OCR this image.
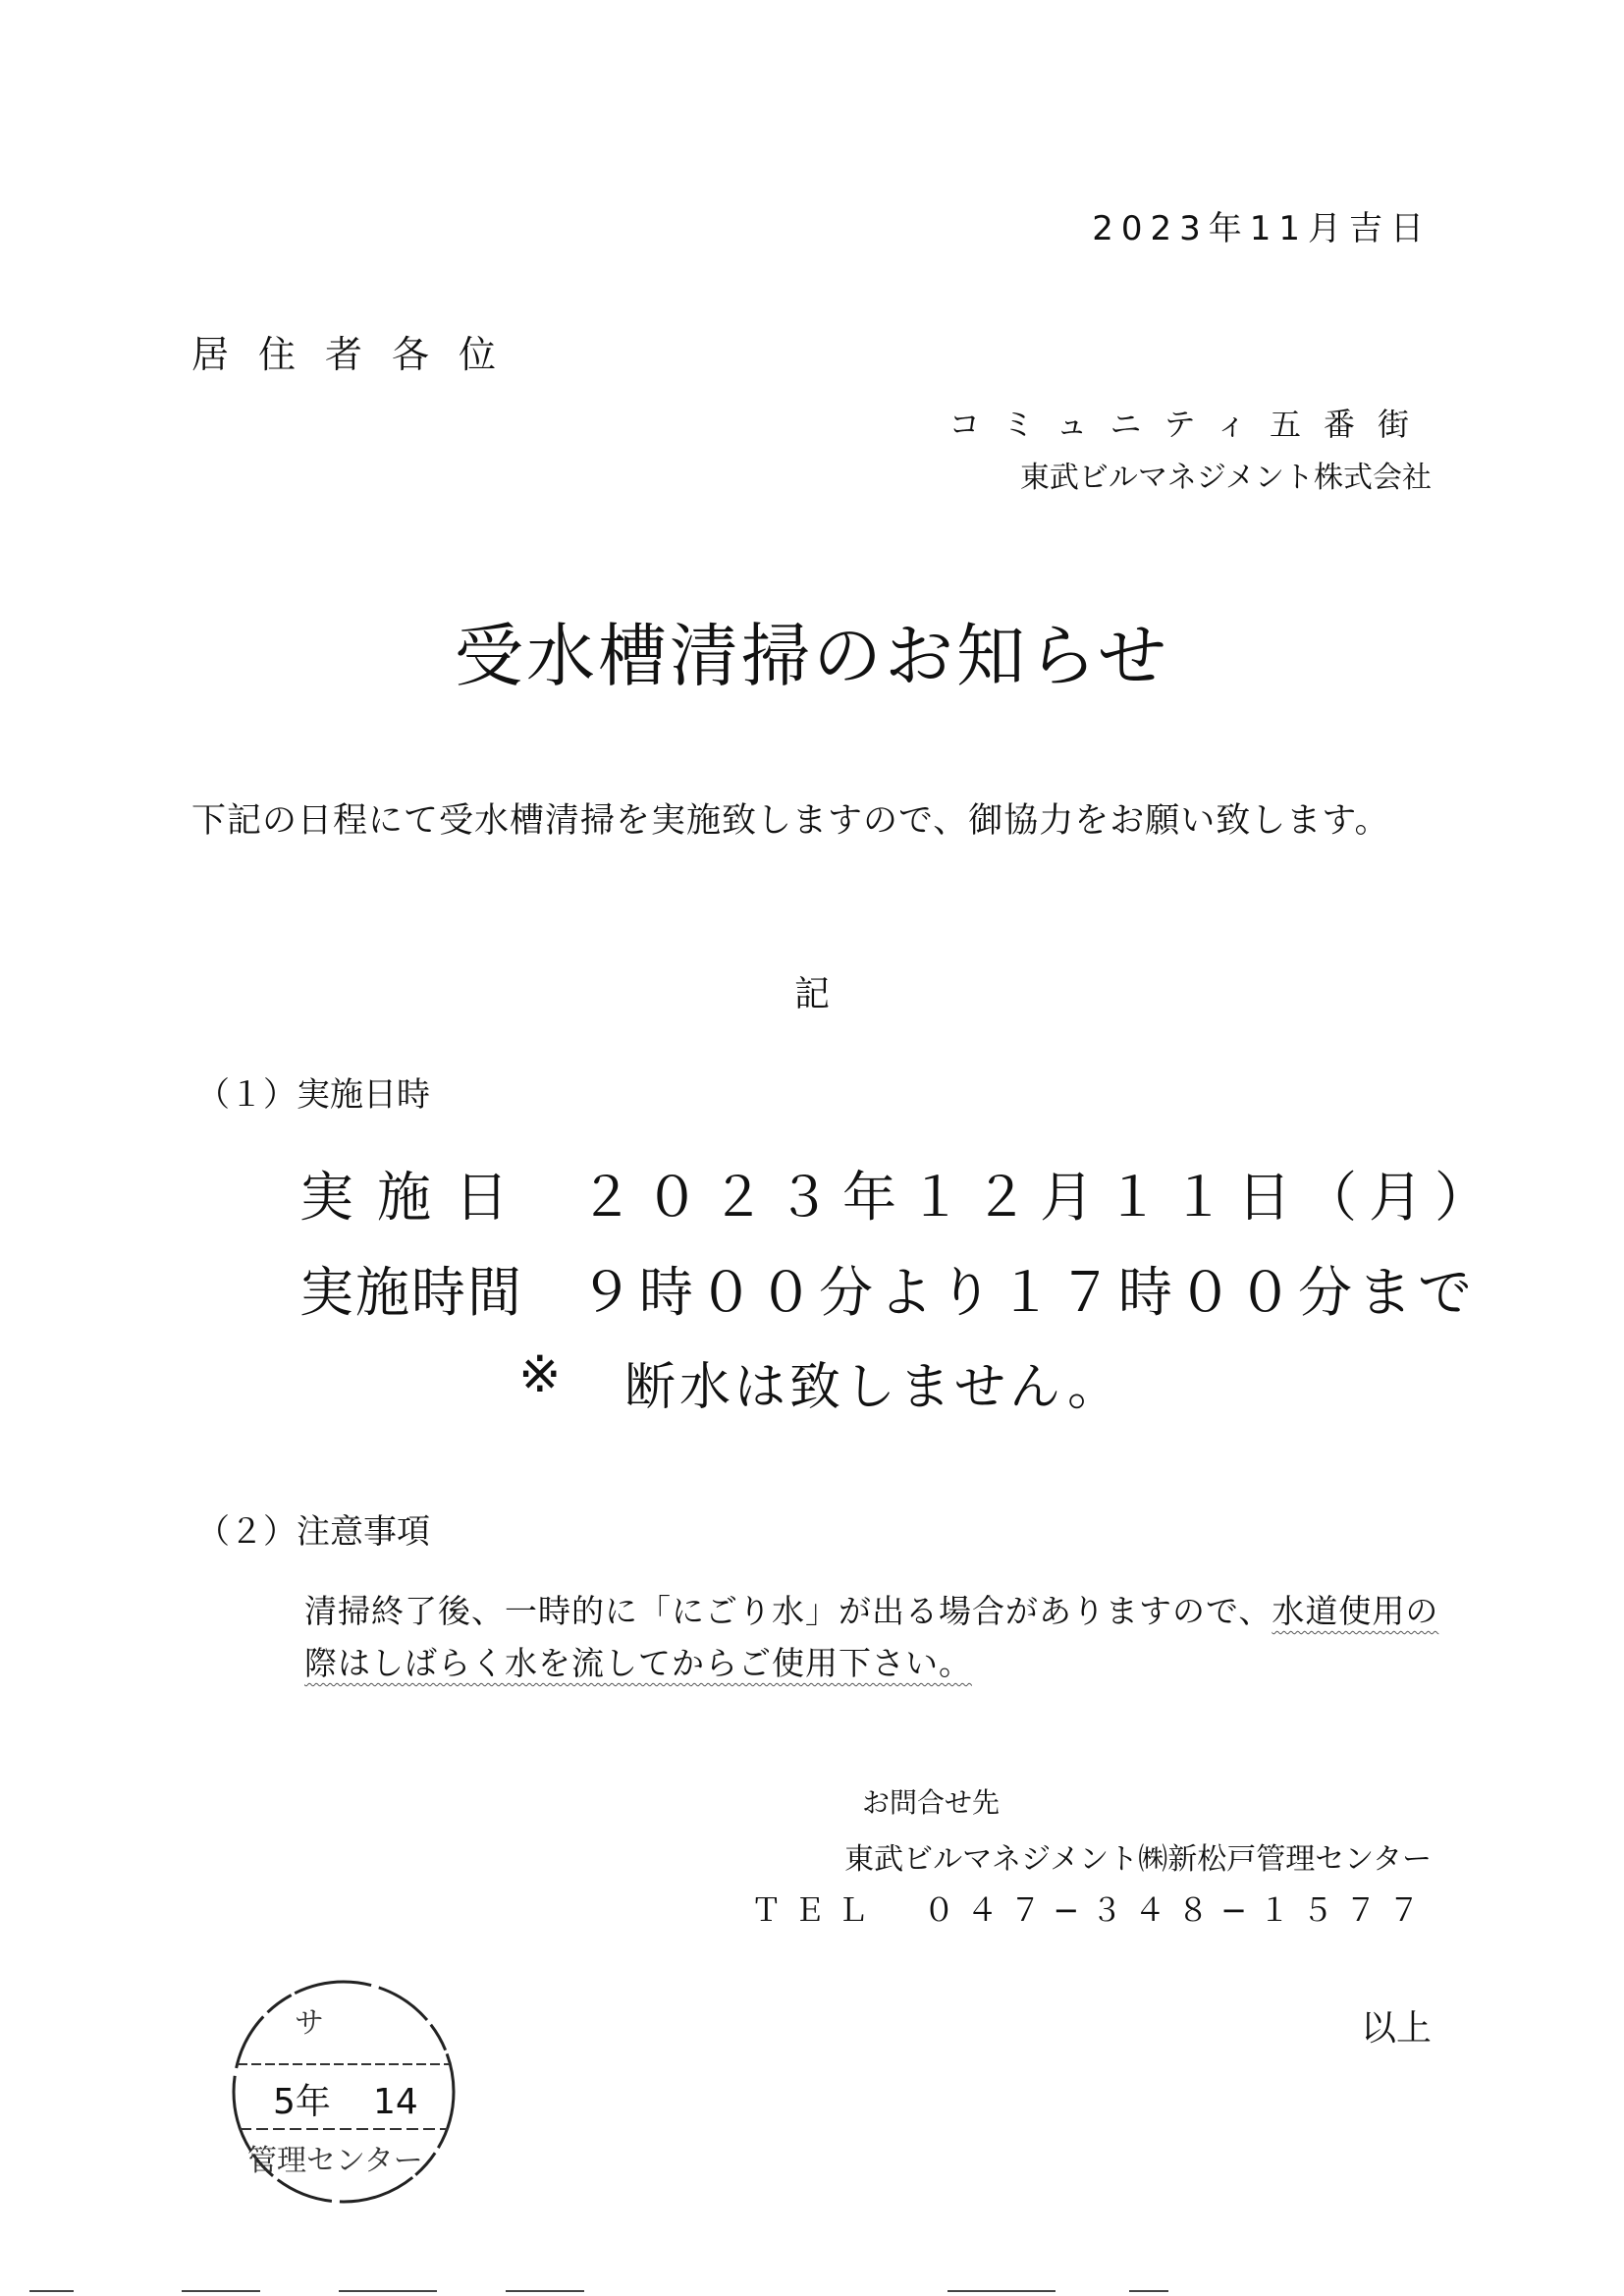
2023年11月吉日
居住者各位
コミュニティ五番街
東武ビルマネジメント株式会社
受水槽清掃のお知らせ
下記の日程にて受水槽清掃を実施致しますので、御協力をお願い致します。
記
（１）実施日時
実施日 ２０２３年１２月１１日（月）
実施時間 ９時００分より１７時００分まで
※ 断水は致しません。
（２）注意事項
清掃終了後、一時的に「にごり水」が出る場合がありますので、水道使用の
際はしばらく水を流してからご使用下さい。
お問合せ先
東武ビルマネジメント㈱新松戸管理センター
ＴＥＬ　０４７−３４８−１５７７
以上
サ
5年 14
管理センター
